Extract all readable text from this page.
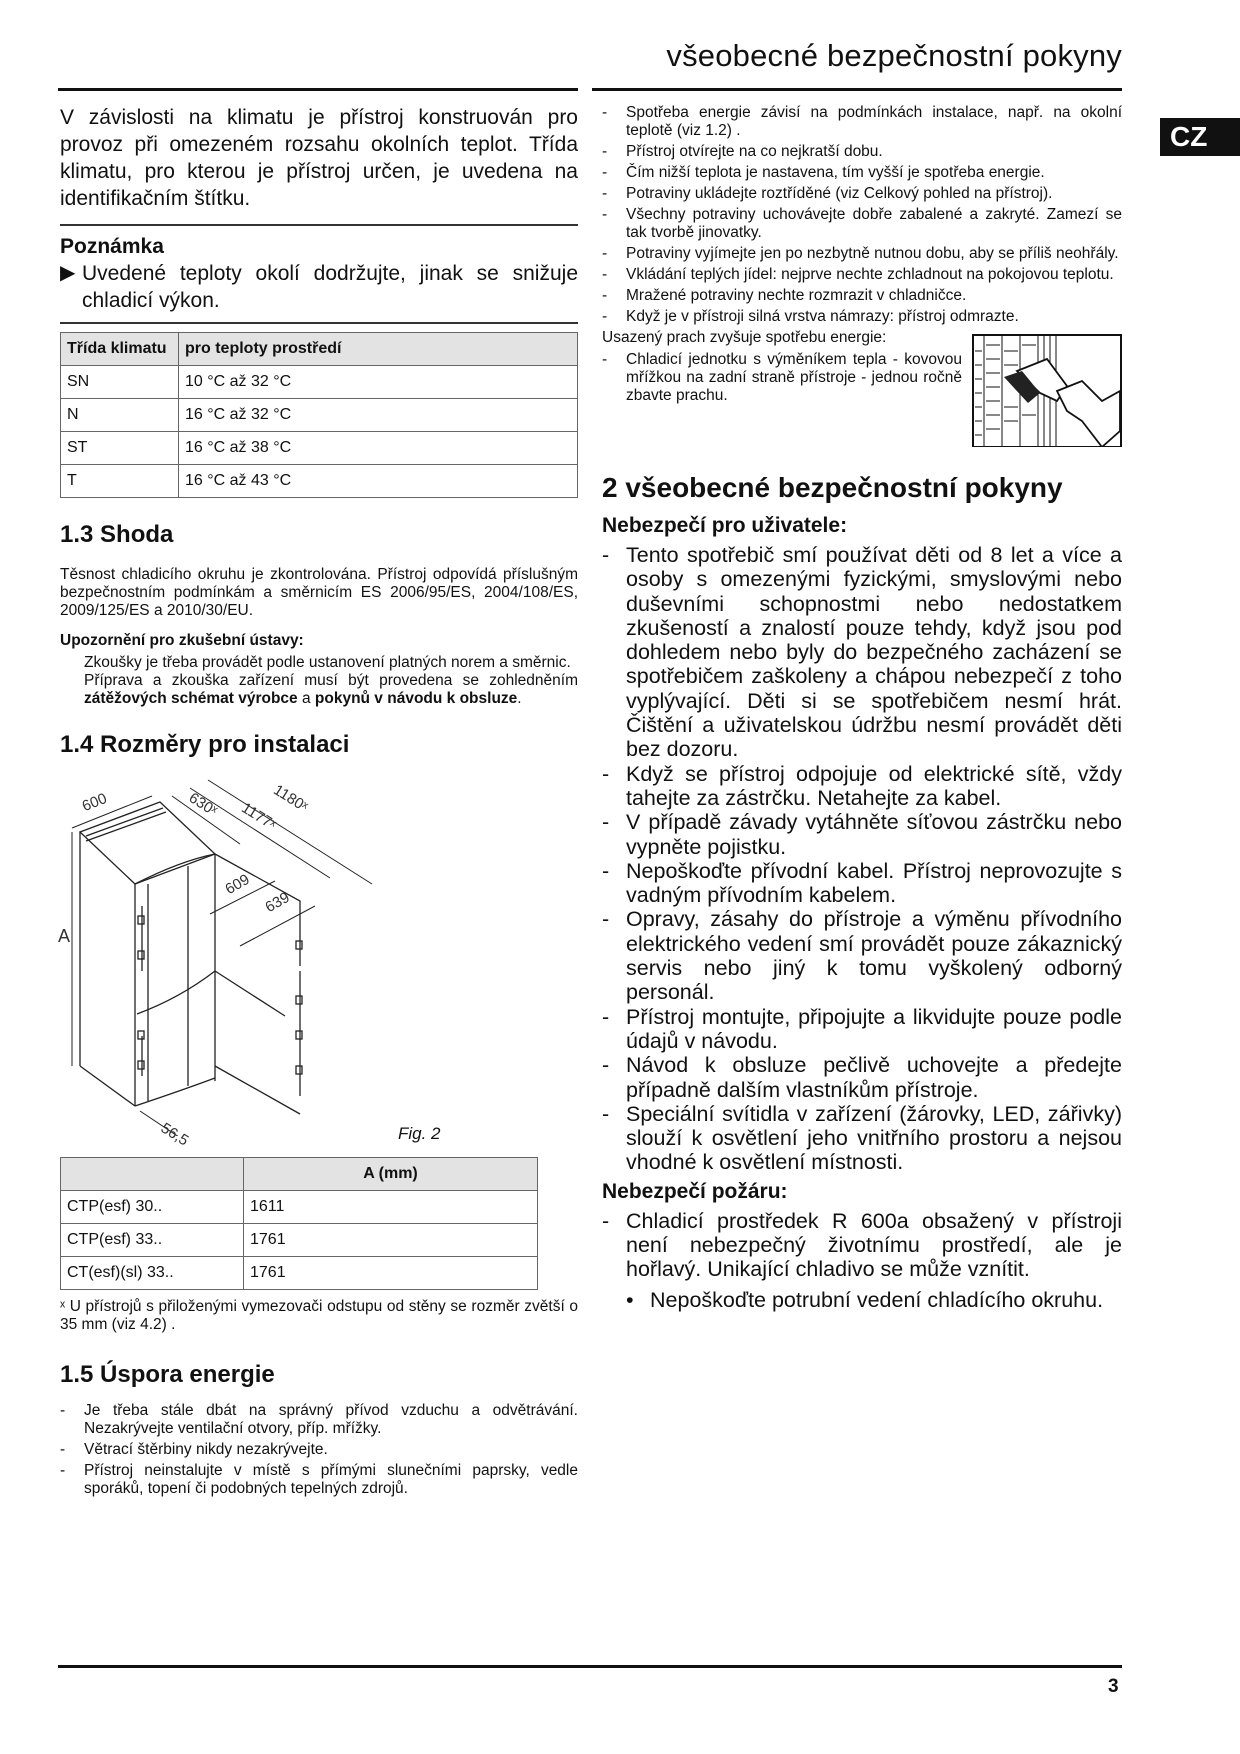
všeobecné bezpečnostní pokyny
CZ

V závislosti na klimatu je přístroj konstruován pro provoz při omezeném rozsahu okolních teplot. Třída klimatu, pro kterou je přístroj určen, je uvedena na identifikačním štítku.

Poznámka
▶ Uvedené teploty okolí dodržujte, jinak se snižuje chladicí výkon.
Třída klimatu	pro teploty prostředí
SN	10 °C až 32 °C
N	16 °C až 32 °C
ST	16 °C až 38 °C
T	16 °C až 43 °C
1.3 Shoda

Těsnost chladicího okruhu je zkontrolována. Přístroj odpovídá příslušným bezpečnostním podmínkám a směrnicím ES 2006/95/ES, 2004/108/ES, 2009/125/ES a 2010/30/EU.

Upozornění pro zkušební ústavy:

Zkoušky je třeba provádět podle ustanovení platných norem a směrnic.

Příprava a zkouška zařízení musí být provedena se zohledněním zátěžových schémat výrobce a pokynů v návodu k obsluze.

1.4 Rozměry pro instalaci
600	630ˣ 1177ˣ
1180ˣ
609
639
A
56,5	Fig. 2
	A (mm)
CTP(esf) 30..	1611
CTP(esf) 33..	1761
CT(esf)(sl) 33..	1761

ˣ U přístrojů s přiloženými vymezovači odstupu od stěny se rozměr zvětší o 35 mm (viz 4.2) .

1.5 Úspora energie
-	Je třeba stále dbát na správný přívod vzduchu a odvětrávání. Nezakrývejte ventilační otvory, příp. mřížky.
-	Větrací štěrbiny nikdy nezakrývejte.
-	Přístroj neinstalujte v místě s přímými slunečními paprsky, vedle sporáků, topení či podobných tepelných zdrojů.
-	Spotřeba energie závisí na podmínkách instalace, např. na okolní teplotě (viz 1.2) .
-	Přístroj otvírejte na co nejkratší dobu.
-	Čím nižší teplota je nastavena, tím vyšší je spotřeba energie.
-	Potraviny ukládejte roztříděné (viz Celkový pohled na přístroj).
-	Všechny potraviny uchovávejte dobře zabalené a zakryté. Zamezí se tak tvorbě jinovatky.
-	Potraviny vyjímejte jen po nezbytně nutnou dobu, aby se příliš neohřály.
-	Vkládání teplých jídel: nejprve nechte zchladnout na pokojovou teplotu.
-	Mražené potraviny nechte rozmrazit v chladničce.
-	Když je v přístroji silná vrstva námrazy: přístroj odmrazte.

Usazený prach zvyšuje spotřebu energie:

-	Chladicí jednotku s výměníkem tepla - kovovou mřížkou na zadní straně přístroje - jednou ročně zbavte prachu.
2 všeobecné bezpečnostní pokyny

Nebezpečí pro uživatele:

- Tento spotřebič smí používat děti od 8 let a více a osoby s omezenými fyzickými, smyslovými nebo duševními schopnostmi nebo nedostatkem zkušeností a znalostí pouze tehdy, když jsou pod dohledem nebo byly do bezpečného zacházení se spotřebičem zaškoleny a chápou nebezpečí z toho vyplývající. Děti si se spotřebičem nesmí hrát. Čištění a uživatelskou údržbu nesmí provádět děti bez dozoru.
- Když se přístroj odpojuje od elektrické sítě, vždy tahejte za zástrčku. Netahejte za kabel.
- V případě závady vytáhněte síťovou zástrčku nebo vypněte pojistku.
- Nepoškoďte přívodní kabel. Přístroj neprovozujte s vadným přívodním kabelem.
- Opravy, zásahy do přístroje a výměnu přívodního elektrického vedení smí provádět pouze zákaznický servis nebo jiný k tomu vyškolený odborný personál.
- Přístroj montujte, připojujte a likvidujte pouze podle údajů v návodu.
- Návod k obsluze pečlivě uchovejte a předejte případně dalším vlastníkům přístroje.
- Speciální svítidla v zařízení (žárovky, LED, zářivky) slouží k osvětlení jeho vnitřního prostoru a nejsou vhodné k osvětlení místnosti.

Nebezpečí požáru:

- Chladicí prostředek R 600a obsažený v přístroji není nebezpečný životnímu prostředí, ale je hořlavý. Unikající chladivo se může vznítit.
• Nepoškoďte potrubní vedení chladícího okruhu.
3
